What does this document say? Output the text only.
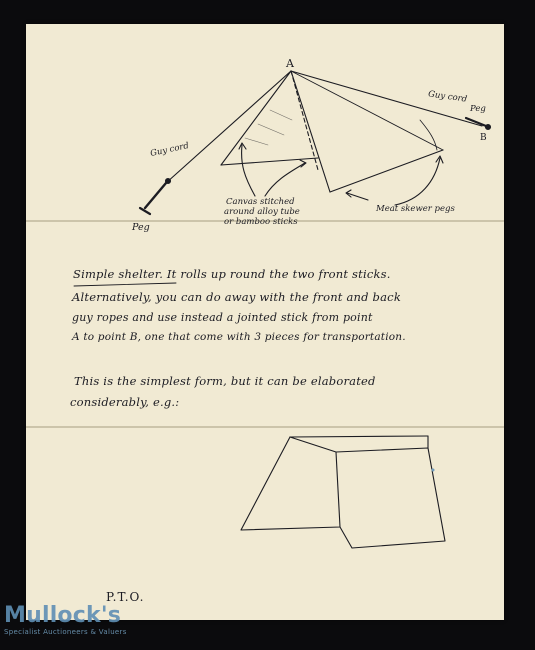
A
Guy cord
Guy cord
Peg
Peg
B
Canvas stitched
around alloy tube
or bamboo sticks
Meat skewer pegs
Simple shelter. It rolls up round the two front sticks.
Alternatively, you can do away with the front and back
guy ropes and use instead a jointed stick from point
A to point B, one that come with 3 pieces for transportation.
This is the simplest form, but it can be elaborated
considerably, e.g.:
P.T.O.
Mullock's
Specialist Auctioneers & Valuers
